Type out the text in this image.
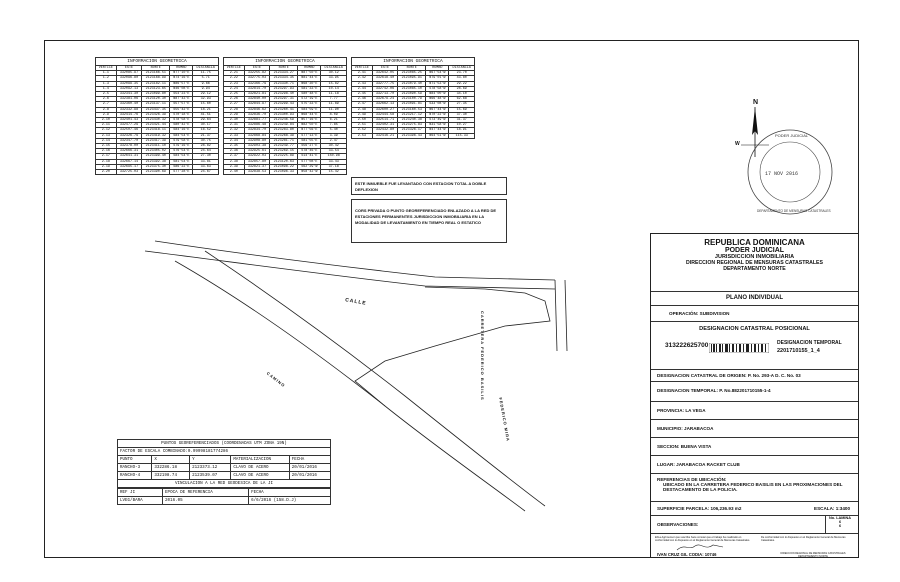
INFORMACION GEOMETRICA
VERTICE	ESTE	NORTE	RUMBO	DISTANCIA
1-1	332085.97	2123166.51	N77°10'E	11.75
1-2	332096.80	2123168.99	N74°16'E	5.71
1-3	332099.35	2123182.11	N86°57'E	9.66
1-4	332092.13	2123123.65	N46°08'E	9.94
2-5	332341.30	2123099.80	S54°23'E	29.12
2-6	332381.06	2123120.30	N87°43'E	32.93
2-7	332360.40	2123137.11	S57°57'E	15.60
2-8	332332.98	2123437.35	S55°42'E	18.21
2-9	332414.76	2123426.39	S70°18'E	41.51
2-10	332401.43	2123430.32	S78°58'E	29.64
2-11	332477.29	2123421.44	S80°42'E	30.17
2-12	332507.46	2123418.11	S84°16'E	16.52
2-13	332326.79	2123419.32	S84°54'E	21.37
2-14	332347.70	2123417.39	S79°58'E	30.75
2-15	332378.00	2123411.10	S79°16'E	28.82
2-16	332666.31	2123405.02	S76°54'E	24.64
2-17	332641.31	2123399.40	S84°54'E	27.30
2-18	332667.14	2123392.38	S81°54'E	33.81
2-19	332695.17	2123375.30	S86°22'E	33.63
2-20	332725.03	2123390.69	S77°28'E	24.67
INFORMACION GEOMETRICA
VERTICE	ESTE	NORTE	RUMBO	DISTANCIA
2-21	332255.82	2123334.27	N87°50'E	30.12
2-22	332775.03	2123334.35	N81°44'E	33.95
2-23	332366.79	2123330.71	N68°30'E	15.82
2-24	332814.70	2123297.93	S81°33'E	10.14
2-25	332821.81	2123298.40	S80°48'E	11.18
2-26	332840.00	2123297.31	S72°19'E	7.77
2-27	332844.97	2123299.43	S75°33'E	11.89
2-28	332846.62	2123260.41	S84°59'E	11.90
2-29	332836.70	2123300.93	N68°44'E	8.09
2-30	332881.77	2123246.59	N57°16'E	6.21
2-31	332886.48	2123249.84	N82°50'E	7.85
2-32	332834.70	2123283.80	N77°56'E	5.40
2-33	332868.84	2123268.39	S77°13'E	3.39
2-34	332908.80	2123281.71	S81°55'E	2.47
2-35	332903.38	2123249.77	S56°27'E	30.42
2-36	332925.61	2123269.15	S78°46'E	33.54
2-37	332922.03	2123225.89	S14°41'E	150.98
2-38	332857.80	2123120.63	S77°08'E	33.43
2-39	332821.37	2123098.22	S62°29'W	37.18
2-40	332838.53	2123096.33	N58°42'W	15.42
INFORMACION GEOMETRICA
VERTICE	ESTE	NORTE	RUMBO	DISTANCIA
2-41	332642.05	2123085.25	N67°54'W	23.70
2-42	332618.40	2123095.91	N79°01'W	43.80
2-43	332777.75	2123079.40	N71°53'W	29.22
2-44	332742.06	2123085.10	S78°58'W	28.69
2-45	332713.70	2123090.59	N84°00'W	34.10
2-46	332679.24	2123100.79	N66°48'W	62.68
2-47	332662.13	2123091.81	S33°08'W	27.35
2-48	332600.27	2123160.53	N67°44'W	15.69
2-49	332444.58	2123217.12	N70°22'W	37.30
2-50	332514.71	2123240.38	S73°49'W	31.37
2-51	332402.31	2123275.83	N31°58'W	10.27
2-52	332432.80	2123326.17	N47°44'W	18.91
2-53	332416.21	2123396.43	N64°51'W	115.33
ESTE INMUEBLE FUE LEVANTADO CON ESTACION TOTAL A DOBLE DEFLEXION
CORS PRIVADA O PUNTO GEOREFERENCIADO ENLAZADO A LA RED DE ESTACIONES PERMANENTES JURISDICCION INMOBILIARIA EN LA MODALIDAD DE LEVANTAMIENTO EN TIEMPO REAL O ESTATICO
N
W
PODER JUDICIAL
17 NOV 2016
DEPARTAMENTO DE MENSURAS CATASTRALES
CALLE
CARRETERA FEDERICO BASILIS
CAMINO
FEDERICO MIRA
PUNTOS GEOREFERENCIADOS (COORDENADAS UTM ZONA 19N)				
FACTOR DE ESCALA COMBINADO:0.99998181774286				
PUNTO	X	Y	MATERIALIZACION	FECHA
RANCHO-3	332286.18	2123373.12	CLAVO DE ACERO	20/01/2016
RANCHO-4	332198.74	2123539.07	CLAVO DE ACERO	20/01/2016
VINCULACION A LA RED GEODESICA DE LA JI				
REF JI	EPOCA DE REFERENCIA	FECHA
LVEG/BARA	2016.05	6/6/2016 (158.D.J)
REPUBLICA DOMINICANA
PODER JUDICIAL
JURISDICCION INMOBILIARIA
DIRECCION REGIONAL DE MENSURAS CATASTRALES
DEPARTAMENTO NORTE
PLANO INDIVIDUAL
OPERACIÓN: SUBDIVISION
DESIGNACION CATASTRAL POSICIONAL
313222625700	DESIGNACION TEMPORAL
2201710155_1_4
DESIGNACION CATASTRAL DE ORIGEN: P. No. 293-A D. C. No. 03
DESIGNACION TEMPORAL: P. No.882201710155-1-4
PROVINCIA: LA VEGA
MUNICIPIO: JARABACOA
SECCION: BUENA VISTA
LUGAR: JARABACOA RACKET CLUB
REFERENCIAS DE UBICACIÓN:
UBICADO EN LA CARRETERA FEDERICO BASILIS EN LAS PROXIMACIONES DEL DESTACAMENTO DE LA POLICIA.
SUPERFICIE PARCELA: 106,236.93 m2	ESCALA: 1:3400
OBSERVACIONES:
No. LAMINA
6
6
El/La Agrimensor que suscribe hace constar que el trabajo fue realizado en conformidad con lo dispuesto en el Reglamento General de Mensuras Catastrales.
De conformidad con lo dispuesto en el Reglamento General de Mensuras Catastrales.
IVAN CRUZ GIL CODIA: 10746	DIRECCION REGIONAL DE MENSURAS CATASTRALES DEPARTAMENTO NORTE
